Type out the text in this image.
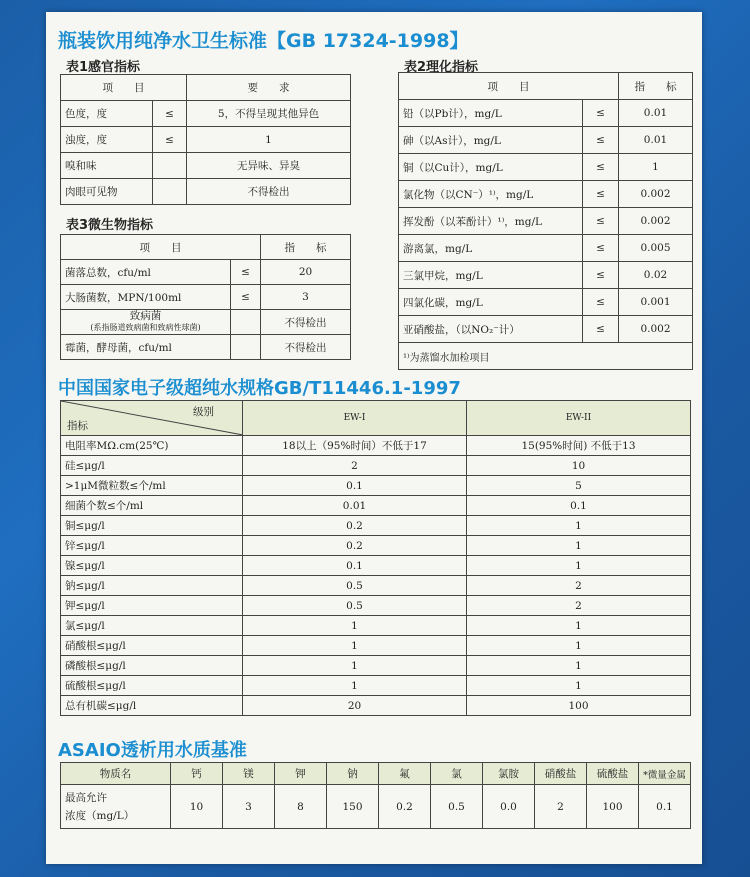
瓶装饮用纯净水卫生标准【GB 17324-1998】
表1感官指标
项　　目		要　　求
色度，度	≤	5，不得呈现其他异色
浊度，度	≤	1
嗅和味		无异味、异臭
肉眼可见物		不得检出
表3微生物指标
项　　目		指　　标
菌落总数，cfu/ml	≤	20
大肠菌数，MPN/100ml	≤	3

致病菌
(系指肠道致病菌和致病性球菌)		不得检出
霉菌，酵母菌，cfu/ml		不得检出
表2理化指标
项　　目		指　　标
铅（以Pb计），mg/L	≤	0.01
砷（以As计），mg/L	≤	0.01
铜（以Cu计），mg/L	≤	1
氯化物（以CN⁻）¹⁾，mg/L	≤	0.002
挥发酚（以苯酚计）¹⁾，mg/L	≤	0.002
游离氯，mg/L	≤	0.005
三氯甲烷，mg/L	≤	0.02
四氯化碳，mg/L	≤	0.001
亚硝酸盐，（以NO₂⁻计）	≤	0.002
¹⁾为蒸馏水加检项目		
中国国家电子级超纯水规格GB/T11446.1-1997
级别
指标
	EW-I	EW-II
电阻率MΩ.cm(25℃)	18以上（95%时间）不低于17	15(95%时间) 不低于13
硅≤μg/l	2	10
>1μM微粒数≤个/ml	0.1	5
细菌个数≤个/ml	0.01	0.1
铜≤μg/l	0.2	1
锌≤μg/l	0.2	1
镍≤μg/l	0.1	1
钠≤μg/l	0.5	2
钾≤μg/l	0.5	2
氯≤μg/l	1	1
硝酸根≤μg/l	1	1
磷酸根≤μg/l	1	1
硫酸根≤μg/l	1	1
总有机碳≤μg/l	20	100
ASAIO透析用水质基准
物质名	钙	镁	钾	钠	氟	氯	氯胺	硝酸盐	硫酸盐	*微量金属

最高允许
浓度（mg/L）	10	3	8	150	0.2	0.5	0.0	2	100	0.1
